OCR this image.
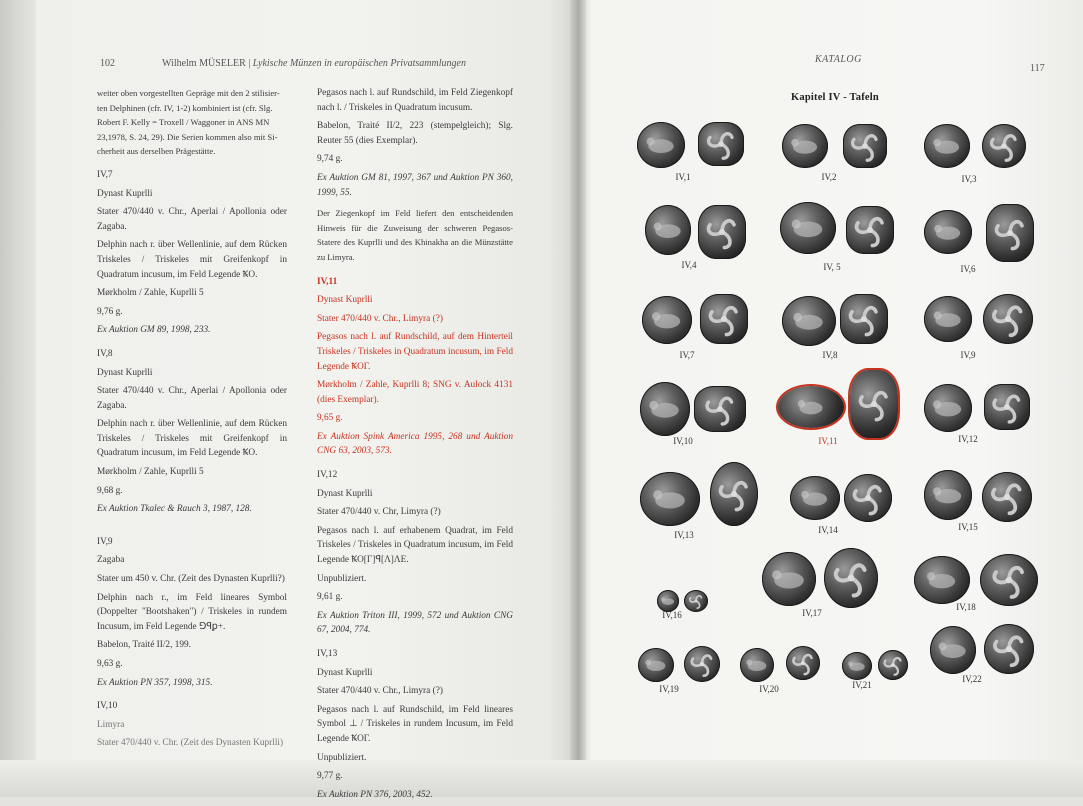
102	Wilhelm MÜSELER | Lykische Münzen in europäischen Privatsammlungen
weiter oben vorgestellten Gepräge mit den 2 stilisier-
ten Delphinen (cfr. IV, 1-2) kombiniert ist (cfr. Slg.
Robert F. Kelly = Troxell / Waggoner in ANS MN
23,1978, S. 24, 29). Die Serien kommen also mit Si-
cherheit aus derselben Prägestätte.

IV,7

Dynast Kuprlli

Stater 470/440 v. Chr., Aperlai / Apollonia oder Zagaba.

Delphin nach r. über Wellenlinie, auf dem Rücken Triskeles / Triskeles mit Greifenkopf in Quadratum incusum, im Feld Legende ꝄO.

Mørkholm / Zahle, Kuprlli 5

9,76 g.

Ex Auktion GM 89, 1998, 233.

IV,8

Dynast Kuprlli

Stater 470/440 v. Chr., Aperlai / Apollonia oder Zagaba.

Delphin nach r. über Wellenlinie, auf dem Rücken Triskeles / Triskeles mit Greifenkopf in Quadratum incusum, im Feld Legende ꝄO.

Mørkholm / Zahle, Kuprlli 5

9,68 g.

Ex Auktion Tkalec & Rauch 3, 1987, 128.

IV,9

Zagaba

Stater um 450 v. Chr. (Zeit des Dynasten Kuprlli?)

Delphin nach r., im Feld lineares Symbol (Doppelter "Bootshaken") / Triskeles in rundem Incusum, im Feld Legende ⅁ꟼꝑ+.

Babelon, Traité II/2, 199.

9,63 g.

Ex Auktion PN 357, 1998, 315.

IV,10

Limyra

Stater 470/440 v. Chr. (Zeit des Dynasten Kuprlli)

Pegasos nach l. auf Rundschild, im Feld Ziegenkopf nach l. / Triskeles in Quadratum incusum.

Babelon, Traité II/2, 223 (stempelgleich); Slg. Reuter 55 (dies Exemplar).

9,74 g.

Ex Auktion GM 81, 1997, 367 und Auktion PN 360, 1999, 55.

Der Ziegenkopf im Feld liefert den entscheidenden Hinweis für die Zuweisung der schweren Pegasos-Statere des Kuprlli und des Khinakha an die Münzstätte zu Limyra.

IV,11

Dynast Kuprlli

Stater 470/440 v. Chr., Limyra (?)

Pegasos nach l. auf Rundschild, auf dem Hinterteil Triskeles / Triskeles in Quadratum incusum, im Feld Legende ꝄOΓ.

Mørkholm / Zahle, Kuprlli 8; SNG v. Aulock 4131 (dies Exemplar).

9,65 g.

Ex Auktion Spink America 1995, 268 und Auktion CNG 63, 2003, 573.

IV,12

Dynast Kuprlli

Stater 470/440 v. Chr, Limyra (?)

Pegasos nach l. auf erhabenem Quadrat, im Feld Triskeles / Triskeles in Quadratum incusum, im Feld Legende ꝄO[Γ]ꟼ[Λ]ΛE.

Unpubliziert.

9,61 g.

Ex Auktion Triton III, 1999, 572 und Auktion CNG 67, 2004, 774.

IV,13

Dynast Kuprlli

Stater 470/440 v. Chr., Limyra (?)

Pegasos nach l. auf Rundschild, im Feld lineares Symbol ⊥ / Triskeles in rundem Incusum, im Feld Legende ꝄOΓ.

Unpubliziert.

9,77 g.

Ex Auktion PN 376, 2003, 452.

KATALOG
117
Kapitel IV - Tafeln
IV,1	IV,2	IV,3
IV,4	IV, 5	IV,6
IV,7	IV,8	IV,9
IV,10	IV,11	IV,12
IV,13	IV,14	IV,15
IV,16	IV,17
IV,18
IV,19	IV,20	IV,21
IV,22
